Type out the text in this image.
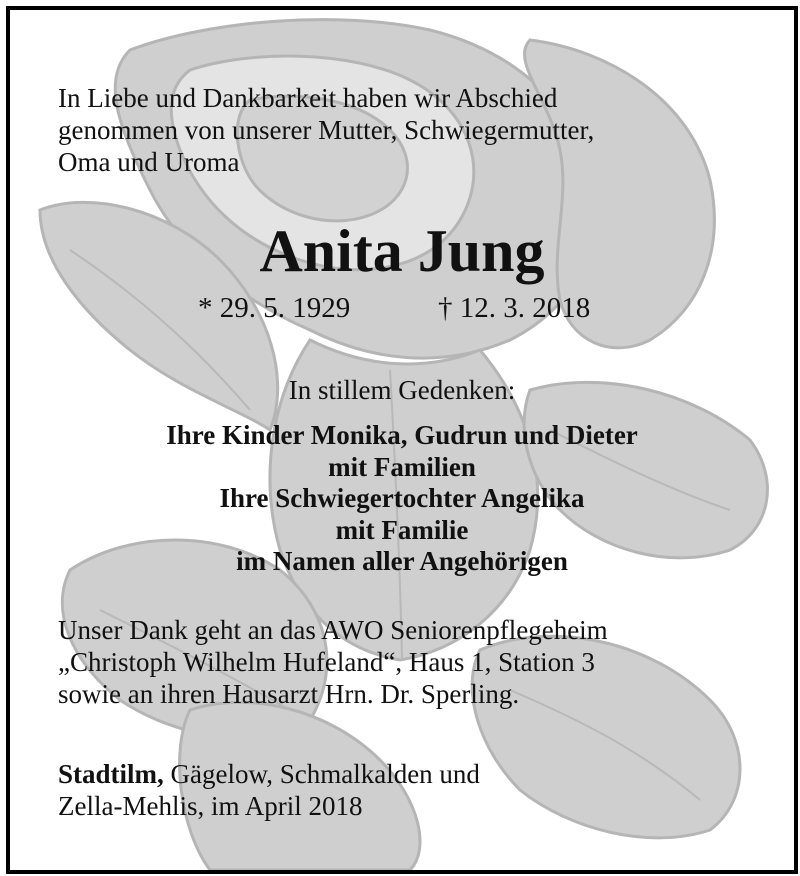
In Liebe und Dankbarkeit haben wir Abschied
genommen von unserer Mutter, Schwiegermutter,
Oma und Uroma
Anita Jung
* 29. 5. 1929	† 12. 3. 2018
In stillem Gedenken:
Ihre Kinder Monika, Gudrun und Dieter
mit Familien
Ihre Schwiegertochter Angelika
mit Familie
im Namen aller Angehörigen
Unser Dank geht an das AWO Seniorenpflegeheim
„Christoph Wilhelm Hufeland“, Haus 1, Station 3
sowie an ihren Hausarzt Hrn. Dr. Sperling.
Stadtilm, Gägelow, Schmalkalden und
Zella-Mehlis, im April 2018
